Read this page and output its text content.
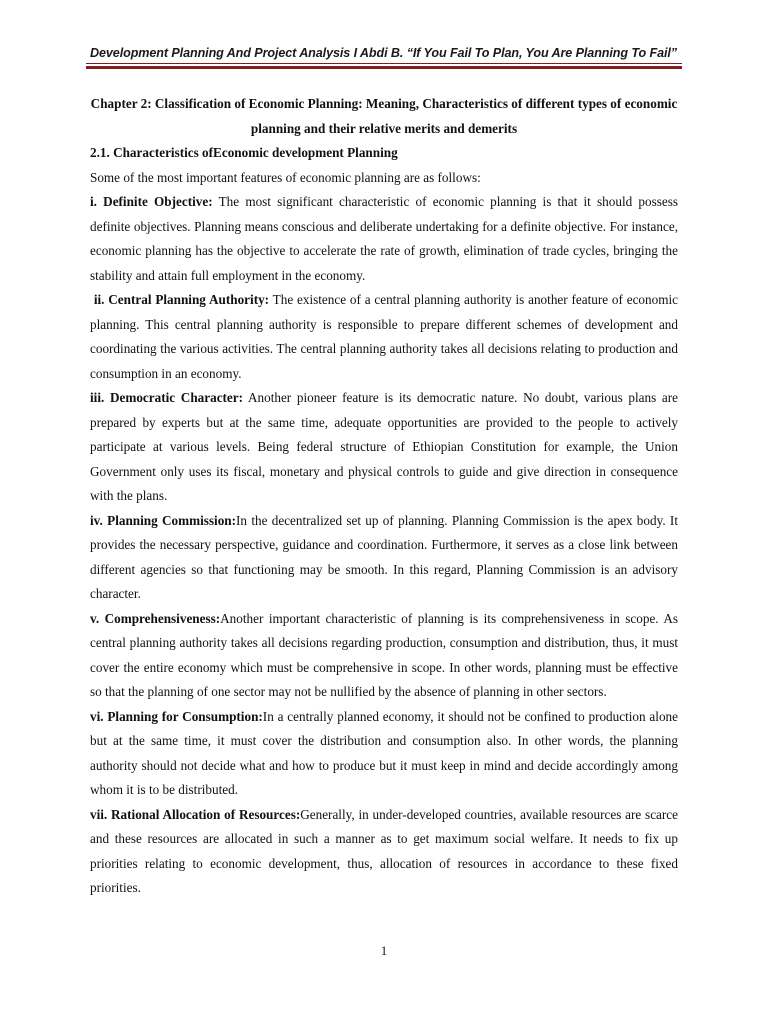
Development Planning And Project Analysis I Abdi B. “If You Fail To Plan, You Are Planning To Fail”

Chapter 2: Classification of Economic Planning: Meaning, Characteristics of different types of economic planning and their relative merits and demerits

2.1. Characteristics ofEconomic development Planning

Some of the most important features of economic planning are as follows:

i. Definite Objective: The most significant characteristic of economic planning is that it should possess definite objectives. Planning means conscious and deliberate undertaking for a definite objective. For instance, economic planning has the objective to accelerate the rate of growth, elimination of trade cycles, bringing the stability and attain full employment in the economy.

ii. Central Planning Authority: The existence of a central planning authority is another feature of economic planning. This central planning authority is responsible to prepare different schemes of development and coordinating the various activities. The central planning authority takes all decisions relating to production and consumption in an economy.

iii. Democratic Character: Another pioneer feature is its democratic nature. No doubt, various plans are prepared by experts but at the same time, adequate opportunities are provided to the people to actively participate at various levels. Being federal structure of Ethiopian Constitution for example, the Union Government only uses its fiscal, monetary and physical controls to guide and give direction in consequence with the plans.

iv. Planning Commission:In the decentralized set up of planning. Planning Commission is the apex body. It provides the necessary perspective, guidance and coordination. Furthermore, it serves as a close link between different agencies so that functioning may be smooth. In this regard, Planning Commission is an advisory character.

v. Comprehensiveness:Another important characteristic of planning is its comprehensiveness in scope. As central planning authority takes all decisions regarding production, consumption and distribution, thus, it must cover the entire economy which must be comprehensive in scope. In other words, planning must be effective so that the planning of one sector may not be nullified by the absence of planning in other sectors.

vi. Planning for Consumption:In a centrally planned economy, it should not be confined to production alone but at the same time, it must cover the distribution and consumption also. In other words, the planning authority should not decide what and how to produce but it must keep in mind and decide accordingly among whom it is to be distributed.

vii. Rational Allocation of Resources:Generally, in under-developed countries, available resources are scarce and these resources are allocated in such a manner as to get maximum social welfare. It needs to fix up priorities relating to economic development, thus, allocation of resources in accordance to these fixed priorities.

1
